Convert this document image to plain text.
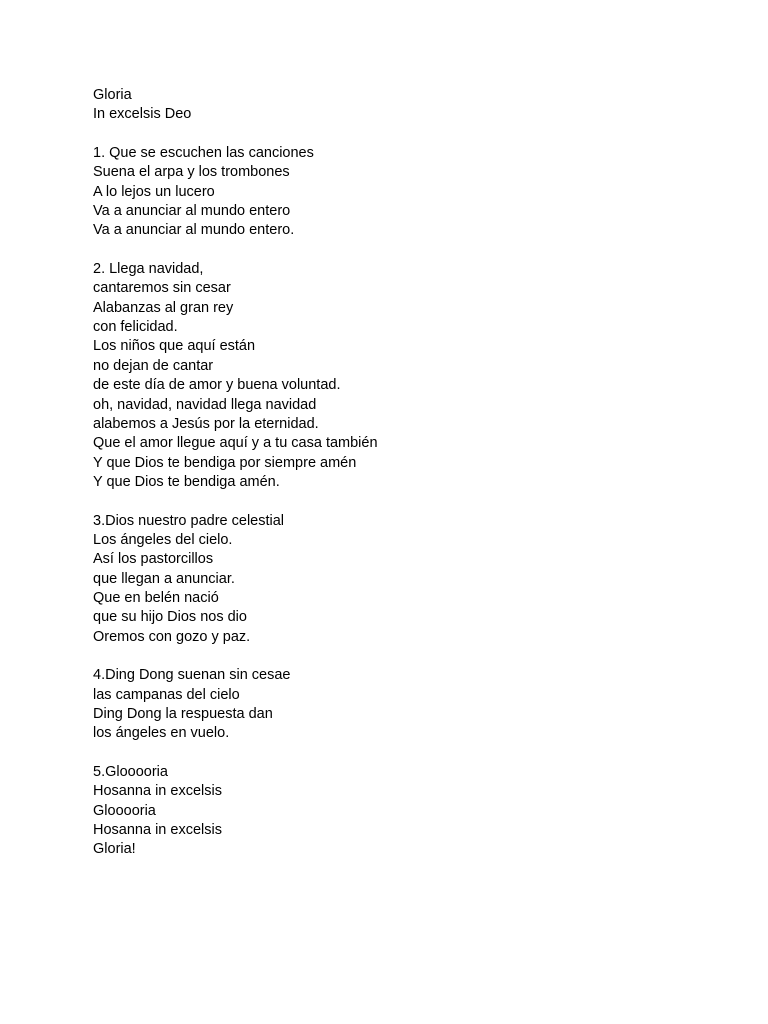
Gloria
In excelsis Deo
1. Que se escuchen las canciones
Suena el arpa y los trombones
A lo lejos un lucero
Va a anunciar al mundo entero
Va a anunciar al mundo entero.
2. Llega navidad,
cantaremos sin cesar
Alabanzas al gran rey
con felicidad.
Los niños que aquí están
no dejan de cantar
de este día de amor y buena voluntad.
oh, navidad, navidad llega navidad
alabemos a Jesús por la eternidad.
Que el amor llegue aquí y a tu casa también
Y que Dios te bendiga por siempre amén
Y que Dios te bendiga amén.
3.Dios nuestro padre celestial
Los ángeles del cielo.
Así los pastorcillos
que llegan a anunciar.
Que en belén nació
que su hijo Dios nos dio
Oremos con gozo y paz.
4.Ding Dong suenan sin cesae
las campanas del cielo
Ding Dong la respuesta dan
los ángeles en vuelo.
5.Glooooria
Hosanna in excelsis
Glooooria
Hosanna in excelsis
Gloria!
